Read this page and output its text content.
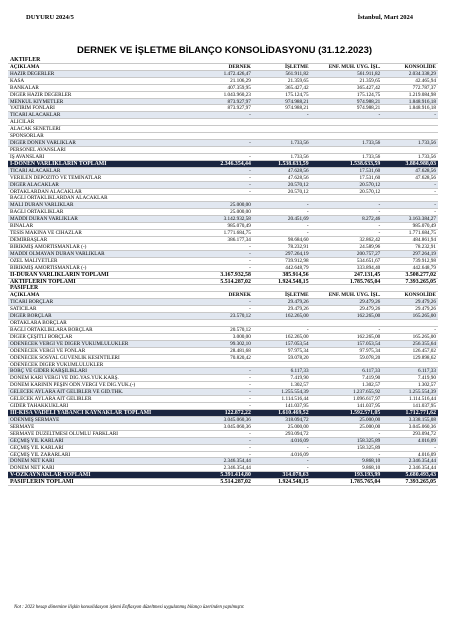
DUYURU 2024/5	İstanbul, Mart 2024
DERNEK VE İŞLETME BİLANÇO KONSOLİDASYONU (31.12.2023)
AKTİFLER
AÇIKLAMA	DERNEK	İŞLETME	ENF. MUH. UYG. İŞL.	KONSOLİDE
HAZIR DEĞERLER	1.472.426,47	561.911,82	561.911,82	2.034.338,29
KASA	21.106,29	21.359,65	21.359,65	42.465,94
BANKALAR	407.359,95	365.427,42	365.427,42	772.787,37
DİĞER HAZIR DEĞERLER	1.043.960,23	175.124,75	175.124,75	1.219.084,98
MENKUL KIYMETLER	873.927,97	974.988,21	974.988,21	1.848.916,18
YATIRIM FONLARI	873.927,97	974.988,21	974.988,21	1.848.916,18
TİCARİ ALACAKLAR	-	-	-	-
ALICILAR
ALACAK SENETLERİ
SPONSORLAR
DİĞER DÖNEN VARLIKLAR	-	1.733,56	1.733,56	1.733,56
PERSONEL AVANSLARI
İŞ AVANSLARI	-	1.733,56	1.733,56	1.733,56
I-DÖNEN VARLIKLARIN TOPLAMI	2.346.354,44	1.538.633,59	1.538.633,59	3.884.988,03
TİCARİ ALACAKLAR	-	47.628,56	17.531,60	47.628,56
VERİLEN DEPOZİTO VE TEMİNATLAR	-	47.628,56	17.531,60	47.628,56
DİĞER ALACAKLAR	-	20.570,12	20.570,12	-
ORTAKLARDAN ALACAKLAR	-	20.570,12	20.570,12	-
BAĞLI ORTAKLIKLARDAN ALACAKLAR
MALİ DURAN VARLIKLAR	25.000,00	-	-	-
BAĞLI ORTAKLIKLAR	25.000,00	-	-	-
MADDİ DURAN VARLIKLAR	3.142.932,58	20.451,69	8.272,46	3.163.384,27
BİNALAR	985.070,49	-	-	985.070,49
TESİS MAKİNA VE CİHAZLAR	1.771.684,75	-	-	1.771.684,75
DEMİRBAŞLAR	386.177,34	98.684,60	32.862,42	484.861,94
BİRİKMİŞ AMORTİSMANLAR (-)	-	78.232,91	24.589,96	78.232,91
MADDİ OLMAYAN DURAN VARLIKLAR	-	297.264,19	200.757,27	297.264,19
ÖZEL MALİYETLER	-	739.912,98	534.651,67	739.912,98
BİRİKMİŞ AMORTİSMANLAR (-)	-	442.648,79	333.894,40	442.648,79
II-DURAN VARLIKLARIN TOPLAMI	3.167.932,58	385.914,56	247.131,45	3.508.277,02
AKTİFLERİN TOPLAMI	5.514.287,02	1.924.548,15	1.785.765,04	7.393.265,05
PASİFLER
AÇIKLAMA	DERNEK	İŞLETME	ENF. MUH. UYG. İŞL.	KONSOLİDE
TİCARİ BORÇLAR	-	29.479,26	29.479,26	29.479,26
SATICILAR	-	29.479,26	29.479,26	29.479,26
DİĞER BORÇLAR	23.570,12	162.265,00	162.265,00	165.265,00
ORTAKLARA BORÇLAR
BAĞLI ORTAKLIKLARA BORÇLAR	20.570,12	-	-	-
DİĞER ÇEŞİTLİ BORÇLAR	3.000,00	162.265,00	162.265,00	165.265,00
ÖDENECEK VERGİ VE DİĞER YÜKÜMLÜLÜKLER	99.302,10	157.053,54	157.053,54	256.355,64
ÖDENECEK VERGİ VE FONLAR	28.481,68	97.975,34	97.975,34	126.457,02
ÖDENECEK SOSYAL GÜVENLİK KESİNTİLERİ	70.820,42	59.078,20	59.078,20	129.898,62
ÖDENECEK DİĞER YÜKÜMLÜLÜKLER
BORÇ VE GİDER KARŞILIKLARI	-	6.117,33	6.117,33	6.117,33
DÖNEM KARI VERGİ VE DİĞ.YAS.YÜK.KARŞ.	-	7.419,90	7.419,90	7.419,90
DÖNEM KARININ PEŞİN ÖDN.VERGİ VE DİĞ.YÜK.(-)	-	1.302,57	1.302,57	1.302,57
GELECEK AYLARA AİT GELİRLER VE GİD.THK.	-	1.255.554,39	1.237.655,92	1.255.554,39
GELECEK AYLARA AİT GELİRLER	-	1.114.516,44	1.096.617,97	1.114.516,44
GİDER TAHAKKUKLARI	-	141.037,95	141.037,95	141.037,95
III-KISA VADELİ YABANCI KAYNAKLAR TOPLAMI	122.872,22	1.610.469,52	1.592.571,05	1.712.771,62
ÖDENMİŞ SERMAYE	3.045.060,36	318.094,72	25.000,00	3.338.155,08
SERMAYE	3.045.060,36	25.000,00	25.000,00	3.045.060,36
SERMAYE DÜZELTMESİ OLUMLU FARKLARI	-	293.094,72	-	293.094,72
GEÇMİŞ YIL KARLARI	-	4.016,09	158.325,89	4.016,09
GEÇMİŞ YIL KARLARI	-	-	158.325,89	-
GEÇMİŞ YIL ZARARLARI	-	4.016,09	-	4.016,09
DÖNEM NET KARI	2.346.354,44	-	9.868,10	2.346.354,44
DÖNEM NET KARI	2.346.354,44	-	9.868,10	2.346.354,44
V-ÖZKAYNAKLAR TOPLAMI	5.391.414,80	314.078,63	193.193,99	5.680.493,43
PASİFLERİN TOPLAMI	5.514.287,02	1.924.548,15	1.785.765,04	7.393.265,05
Not : 2023 hesap dönemine ilişkin konsolidasyon işlemi Enflasyon düzeltmesi uygulanmış bilanço üzerinden yapılmıştır.
